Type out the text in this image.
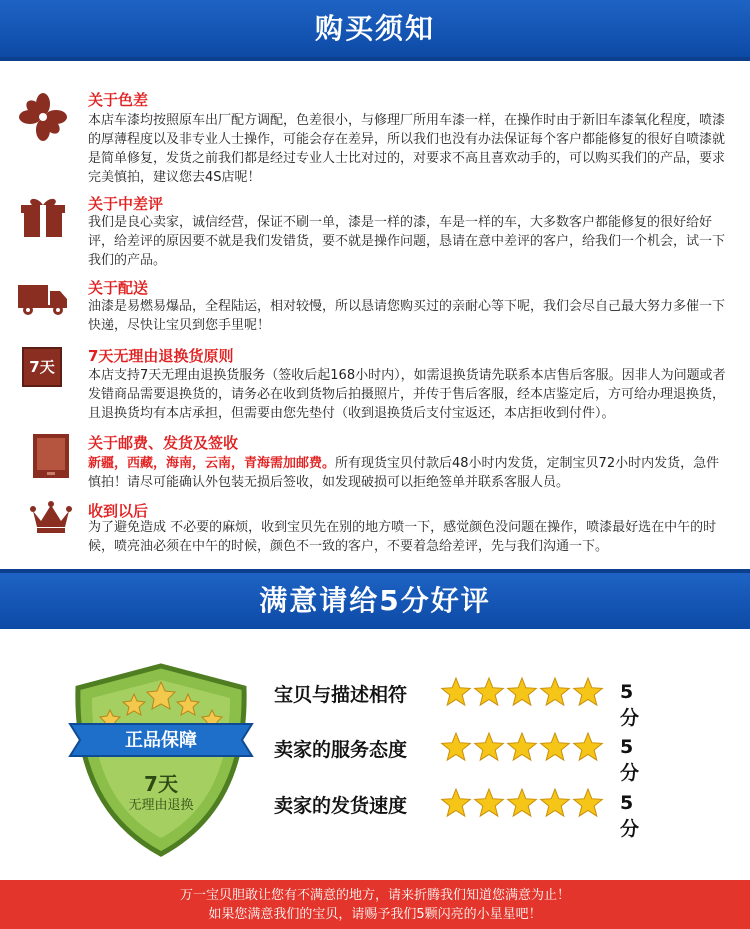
购买须知

关于色差

本店车漆均按照原车出厂配方调配，色差很小，与修理厂所用车漆一样，在操作时由于新旧车漆氧化程度，喷漆的厚薄程度以及非专业人士操作，可能会存在差异，所以我们也没有办法保证每个客户都能修复的很好自喷漆就是简单修复，发货之前我们都是经过专业人士比对过的，对要求不高且喜欢动手的，可以购买我们的产品，要求完美慎拍，建议您去4S店呢！

关于中差评

我们是良心卖家，诚信经营，保证不刷一单，漆是一样的漆，车是一样的车，大多数客户都能修复的很好给好评，给差评的原因要不就是我们发错货，要不就是操作问题，恳请在意中差评的客户，给我们一个机会，试一下我们的产品。

关于配送

油漆是易燃易爆品，全程陆运，相对较慢，所以恳请您购买过的亲耐心等下呢，我们会尽自己最大努力多催一下快递，尽快让宝贝到您手里呢！

7天

7天无理由退换货原则

本店支持7天无理由退换货服务（签收后起168小时内），如需退换货请先联系本店售后客服。因非人为问题或者发错商品需要退换货的，请务必在收到货物后拍摄照片，并传于售后客服，经本店鉴定后，方可给办理退换货，且退换货均有本店承担，但需要由您先垫付（收到退换货后支付宝返还，本店拒收到付件）。

关于邮费、发货及签收

新疆，西藏，海南，云南，青海需加邮费。所有现货宝贝付款后48小时内发货，定制宝贝72小时内发货，急件慎拍！请尽可能确认外包装无损后签收，如发现破损可以拒绝签单并联系客服人员。

收到以后

为了避免造成 不必要的麻烦，收到宝贝先在别的地方喷一下，感觉颜色没问题在操作，喷漆最好选在中午的时候，喷亮油必须在中午的时候，颜色不一致的客户，不要着急给差评，先与我们沟通一下。

满意请给5分好评
正品保障
7天
无理由退换
宝贝与描述相符	5分
卖家的服务态度	5分
卖家的发货速度	5分
万一宝贝胆敢让您有不满意的地方，请来折腾我们知道您满意为止！
如果您满意我们的宝贝，请赐予我们5颗闪亮的小星星吧！
